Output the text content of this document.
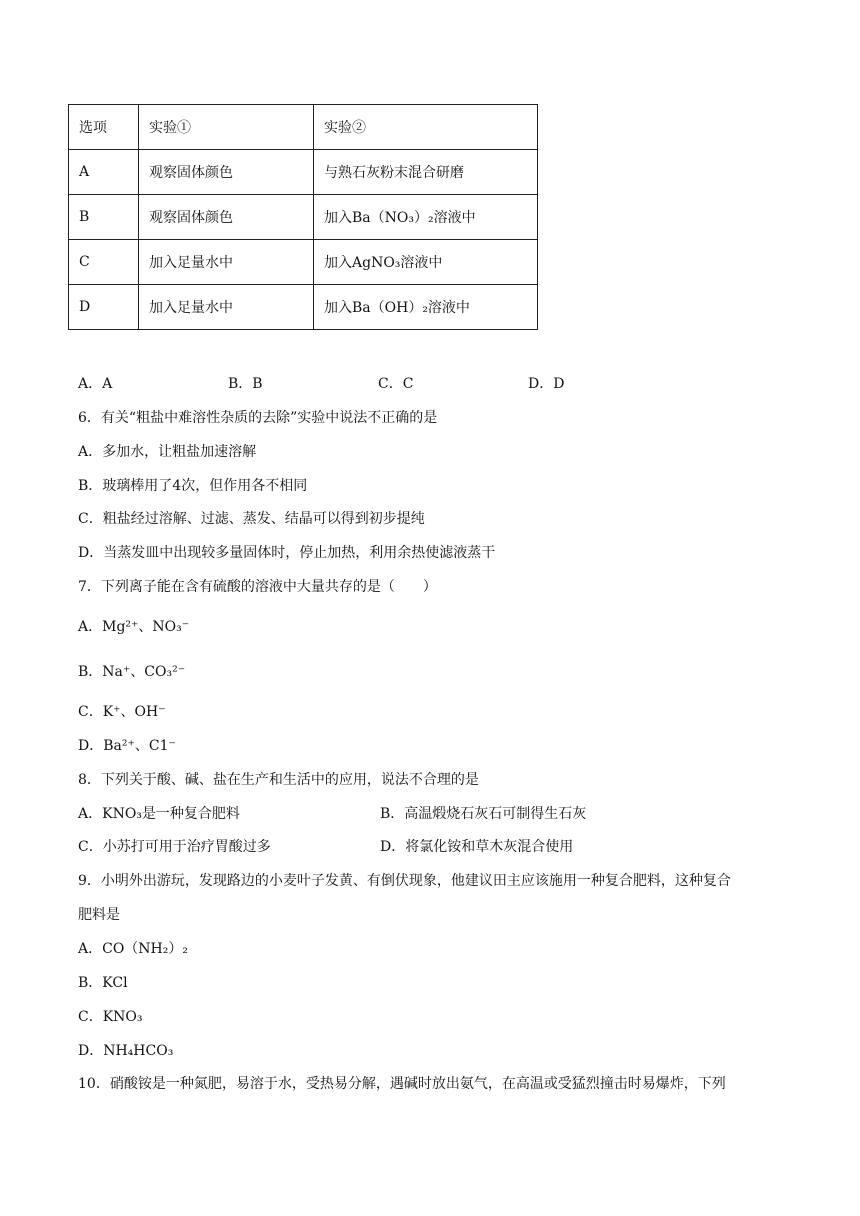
选项	实验①	实验②
A	观察固体颜色	与熟石灰粉末混合研磨
B	观察固体颜色	加入Ba（NO₃）₂溶液中
C	加入足量水中	加入AgNO₃溶液中
D	加入足量水中	加入Ba（OH）₂溶液中
A．A	B．B	C．C	D．D
6．有关“粗盐中难溶性杂质的去除”实验中说法不正确的是
A．多加水，让粗盐加速溶解
B．玻璃棒用了4次，但作用各不相同
C．粗盐经过溶解、过滤、蒸发、结晶可以得到初步提纯
D．当蒸发皿中出现较多量固体时，停止加热，利用余热使滤液蒸干
7．下列离子能在含有硫酸的溶液中大量共存的是（　　）
A．Mg²⁺、NO₃⁻
B．Na⁺、CO₃²⁻
C．K⁺、OH⁻
D．Ba²⁺、C1⁻
8．下列关于酸、碱、盐在生产和生活中的应用，说法不合理的是
A．KNO₃是一种复合肥料	B．高温煅烧石灰石可制得生石灰
C．小苏打可用于治疗胃酸过多	D．将氯化铵和草木灰混合使用
9．小明外出游玩，发现路边的小麦叶子发黄、有倒伏现象，他建议田主应该施用一种复合肥料，这种复合
肥料是
A．CO（NH₂）₂
B．KCl
C．KNO₃
D．NH₄HCO₃
10．硝酸铵是一种氮肥，易溶于水，受热易分解，遇碱时放出氨气，在高温或受猛烈撞击时易爆炸，下列
